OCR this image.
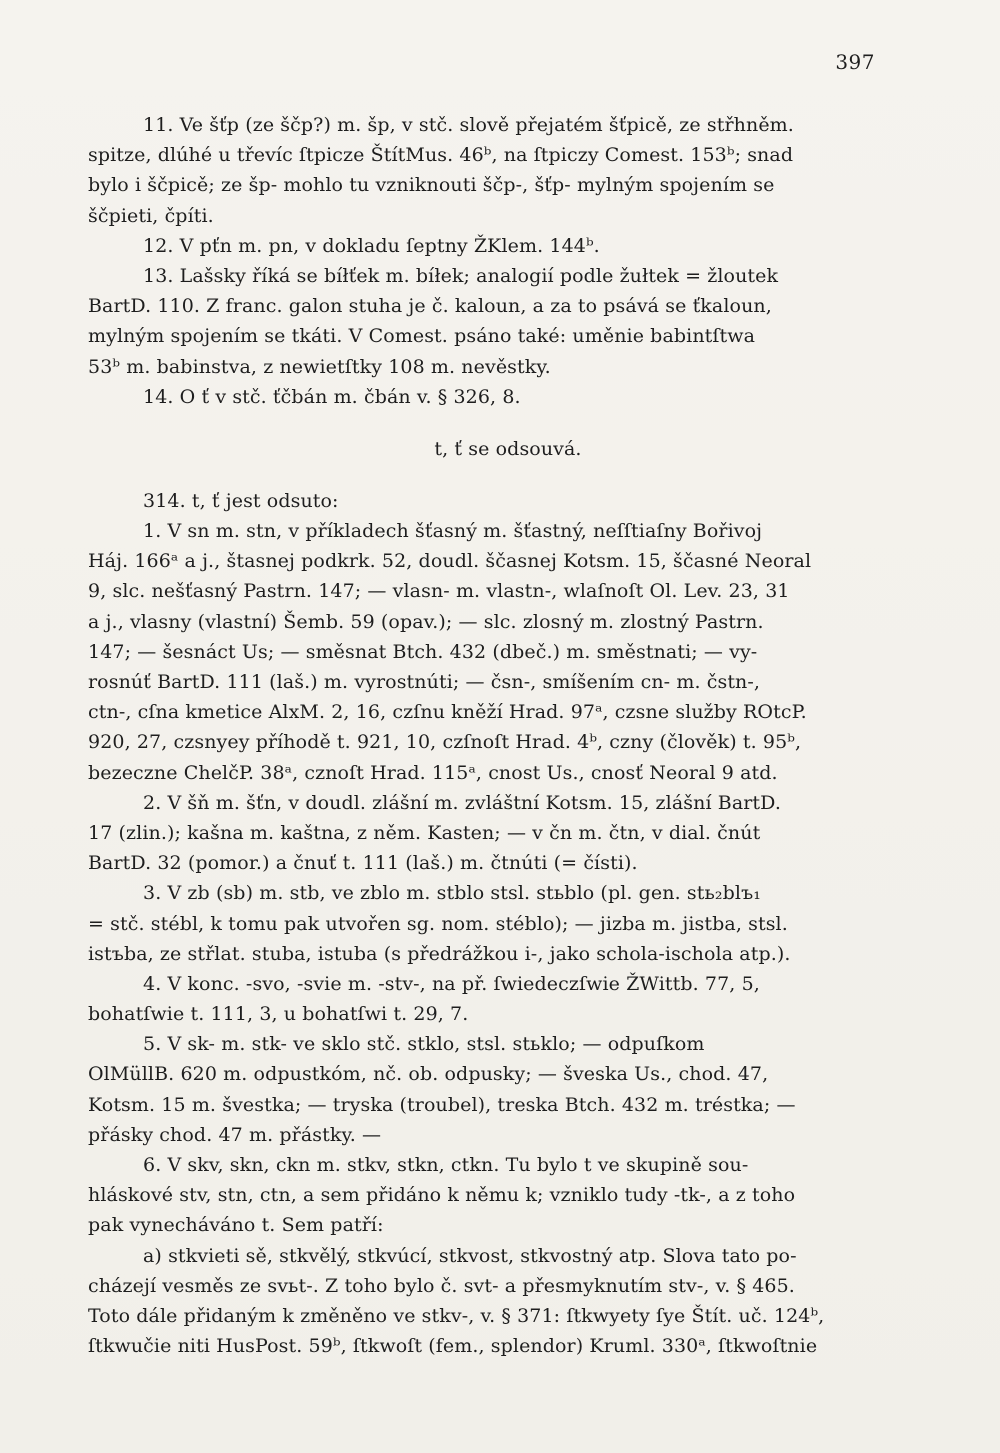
397
11. Ve šťp (ze ščp?) m. šp, v stč. slově přejatém šťpicě, ze střhněm.
spitze, dlúhé u třevíc ſtpicze ŠtítMus. 46ᵇ, na ſtpiczy Comest. 153ᵇ; snad
bylo i ščpicě; ze šp- mohlo tu vzniknouti ščp-, šťp- mylným spojením se
ščpieti, čpíti.
12. V pťn m. pn, v dokladu ſeptny ŽKlem. 144ᵇ.
13. Lašsky říká se bíłťek m. bíłek; analogií podle žułtek = žloutek
BartD. 110. Z franc. galon stuha je č. kaloun, a za to psává se ťkaloun,
mylným spojením se tkáti. V Comest. psáno také: uměnie babintſtwa
53ᵇ m. babinstva, z newietſtky 108 m. nevěstky.
14. O ť v stč. ťčbán m. čbán v. § 326, 8.
t, ť se odsouvá.
314. t, ť jest odsuto:
1. V sn m. stn, v příkladech šťasný m. šťastný, neſſtiaſny Bořivoj
Háj. 166ᵃ a j., štasnej podkrk. 52, doudl. ščasnej Kotsm. 15, ščasné Neoral
9, slc. nešťasný Pastrn. 147; — vlasn- m. vlastn-, wlaſnoſt Ol. Lev. 23, 31
a j., vlasny (vlastní) Šemb. 59 (opav.); — slc. zlosný m. zlostný Pastrn.
147; — šesnáct Us; — směsnat Btch. 432 (dbeč.) m. směstnati; — vy-
rosnúť BartD. 111 (laš.) m. vyrostnúti; — čsn-, smíšením cn- m. čstn-,
ctn-, cſna kmetice AlxM. 2, 16, czſnu kněží Hrad. 97ᵃ, czsne služby ROtcP.
920, 27, czsnyey příhodě t. 921, 10, czſnoſt Hrad. 4ᵇ, czny (člověk) t. 95ᵇ,
bezeczne ChelčP. 38ᵃ, cznoſt Hrad. 115ᵃ, cnost Us., cnosť Neoral 9 atd.
2. V šň m. šťn, v doudl. zlášní m. zvláštní Kotsm. 15, zlášní BartD.
17 (zlin.); kašna m. kaštna, z něm. Kasten; — v čn m. čtn, v dial. čnút
BartD. 32 (pomor.) a čnuť t. 111 (laš.) m. čtnúti (= čísti).
3. V zb (sb) m. stb, ve zblo m. stblo stsl. stьblo (pl. gen. stь₂blъ₁
= stč. stébl, k tomu pak utvořen sg. nom. stéblo); — jizba m. jistba, stsl.
istъba, ze střlat. stuba, istuba (s předrážkou i-, jako schola-ischola atp.).
4. V konc. -svo, -svie m. -stv-, na př. ſwiedeczſwie ŽWittb. 77, 5,
bohatſwie t. 111, 3, u bohatſwi t. 29, 7.
5. V sk- m. stk- ve sklo stč. stklo, stsl. stьklo; — odpuſkom
OlMüllB. 620 m. odpustkóm, nč. ob. odpusky; — šveska Us., chod. 47,
Kotsm. 15 m. švestka; — tryska (troubel), treska Btch. 432 m. tréstka; —
přásky chod. 47 m. přástky. —
6. V skv, skn, ckn m. stkv, stkn, ctkn. Tu bylo t ve skupině sou-
hláskové stv, stn, ctn, a sem přidáno k němu k; vzniklo tudy -tk-, a z toho
pak vynecháváno t. Sem patří:
a) stkvieti sě, stkvělý, stkvúcí, stkvost, stkvostný atp. Slova tato po-
cházejí vesměs ze svьt-. Z toho bylo č. svt- a přesmyknutím stv-, v. § 465.
Toto dále přidaným k změněno ve stkv-, v. § 371: ſtkwyety ſye Štít. uč. 124ᵇ,
ſtkwučie niti HusPost. 59ᵇ, ſtkwoſt (fem., splendor) Kruml. 330ᵃ, ſtkwoſtnie
